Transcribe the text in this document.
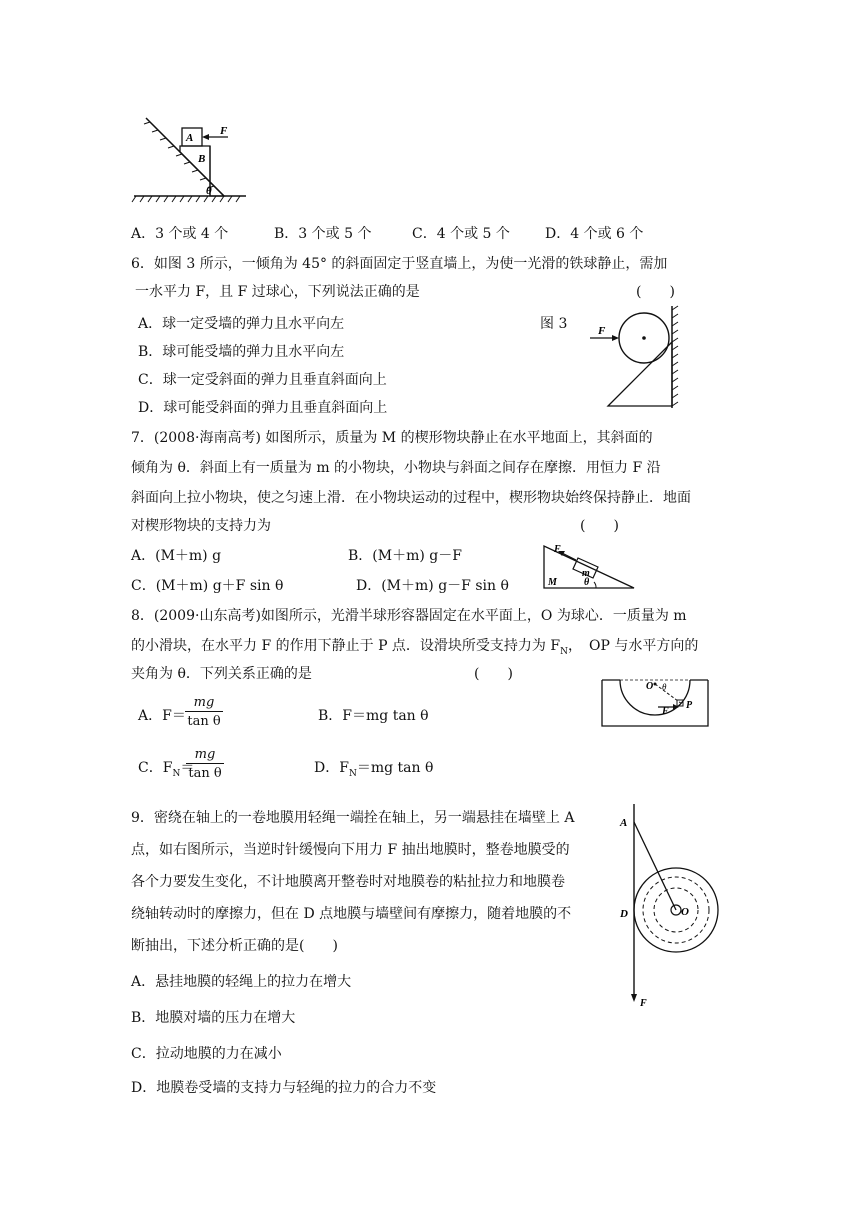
A
B
F
θ
A．3 个或 4 个	B．3 个或 5 个	C．4 个或 5 个	D．4 个或 6 个
6．如图 3 所示，一倾角为 45° 的斜面固定于竖直墙上，为使一光滑的铁球静止，需加
一水平力 F，且 F 过球心，下列说法正确的是	(　　)
A．球一定受墙的弹力且水平向左	图 3
B．球可能受墙的弹力且水平向左
C．球一定受斜面的弹力且垂直斜面向上
D．球可能受斜面的弹力且垂直斜面向上
F
7．(2008·海南高考) 如图所示，质量为 M 的楔形物块静止在水平地面上，其斜面的
倾角为 θ．斜面上有一质量为 m 的小物块，小物块与斜面之间存在摩擦．用恒力 F 沿
斜面向上拉小物块，使之匀速上滑．在小物块运动的过程中，楔形物块始终保持静止．地面
对楔形物块的支持力为	(　　)
A．(M＋m) g	B．(M＋m) g－F
C．(M＋m) g＋F sin θ	D．(M＋m) g－F sin θ
F
m
M	θ
8．(2009·山东高考)如图所示，光滑半球形容器固定在水平面上，O 为球心．一质量为 m
的小滑块，在水平力 F 的作用下静止于 P 点．设滑块所受支持力为 $F_N$，　OP 与水平方向的
夹角为 θ．下列关系正确的是	(　　)
A．$F= \frac{mg}{\text{tan θ}}$	B．F＝mg tan θ
C．$F_N=$
$\frac{mg}{\text{tan θ}}$	D．$F_N=mg$ tan θ
O θ
F
P
9．密绕在轴上的一卷地膜用轻绳一端拴在轴上，另一端悬挂在墙壁上 A
点，如右图所示，当逆时针缓慢向下用力 F 抽出地膜时，整卷地膜受的
各个力要发生变化，不计地膜离开整卷时对地膜卷的粘扯拉力和地膜卷
绕轴转动时的摩擦力，但在 D 点地膜与墙壁间有摩擦力，随着地膜的不
断抽出，下述分析正确的是(　　)
A．悬挂地膜的轻绳上的拉力在增大
B．地膜对墙的压力在增大
C．拉动地膜的力在减小
D．地膜卷受墙的支持力与轻绳的拉力的合力不变
A
D	O
F
